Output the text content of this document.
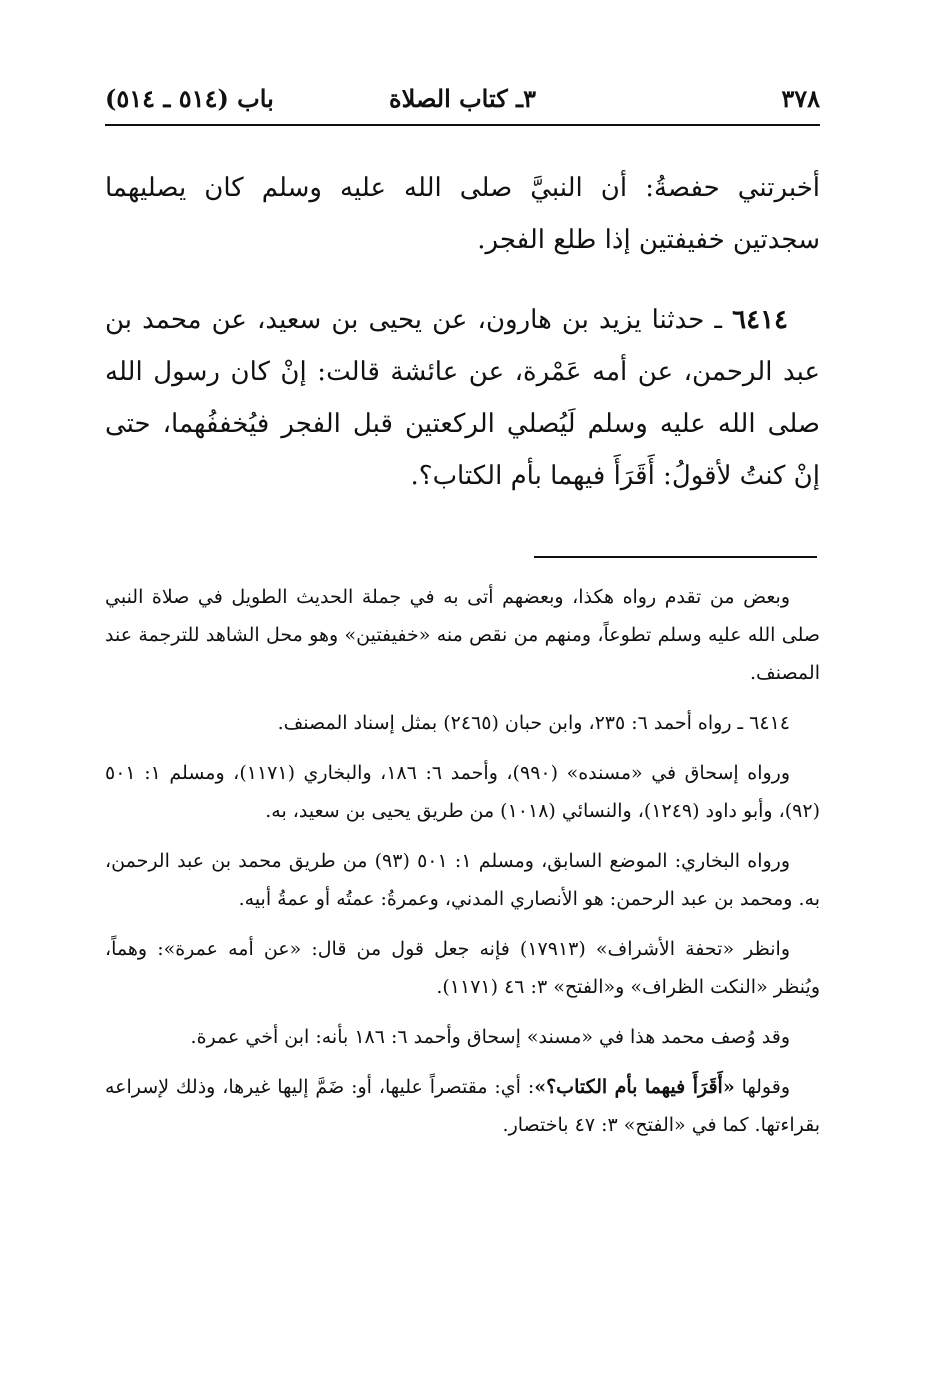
٣٧٨
٣ـ كتاب الصلاة
باب (٥١٤ ـ ٥١٤)

أخبرتني حفصةُ: أن النبيَّ صلى الله عليه وسلم كان يصليهما سجدتين خفيفتين إذا طلع الفجر.

٦٤١٤ ـ حدثنا يزيد بن هارون، عن يحيى بن سعيد، عن محمد بن عبد الرحمن، عن أمه عَمْرة، عن عائشة قالت: إنْ كان رسول الله صلى الله عليه وسلم لَيُصلي الركعتين قبل الفجر فيُخففُهما، حتى إنْ كنتُ لأقولُ: أَقَرَأَ فيهما بأم الكتاب؟.

وبعض من تقدم رواه هكذا، وبعضهم أتى به في جملة الحديث الطويل في صلاة النبي صلى الله عليه وسلم تطوعاً، ومنهم من نقص منه «خفيفتين» وهو محل الشاهد للترجمة عند المصنف.

٦٤١٤ ـ رواه أحمد ٦: ٢٣٥، وابن حبان (٢٤٦٥) بمثل إسناد المصنف.

ورواه إسحاق في «مسنده» (٩٩٠)، وأحمد ٦: ١٨٦، والبخاري (١١٧١)، ومسلم ١: ٥٠١ (٩٢)، وأبو داود (١٢٤٩)، والنسائي (١٠١٨) من طريق يحيى بن سعيد، به.

ورواه البخاري: الموضع السابق، ومسلم ١: ٥٠١ (٩٣) من طريق محمد بن عبد الرحمن، به. ومحمد بن عبد الرحمن: هو الأنصاري المدني، وعمرةُ: عمتُه أو عمةُ أبيه.

وانظر «تحفة الأشراف» (١٧٩١٣) فإنه جعل قول من قال: «عن أمه عمرة»: وهماً، ويُنظر «النكت الظراف» و«الفتح» ٣: ٤٦ (١١٧١).

وقد وُصف محمد هذا في «مسند» إسحاق وأحمد ٦: ١٨٦ بأنه: ابن أخي عمرة.

وقولها «أَقَرَأَ فيهما بأم الكتاب؟»: أي: مقتصراً عليها، أو: ضَمَّ إليها غيرها، وذلك لإسراعه بقراءتها. كما في «الفتح» ٣: ٤٧ باختصار.
